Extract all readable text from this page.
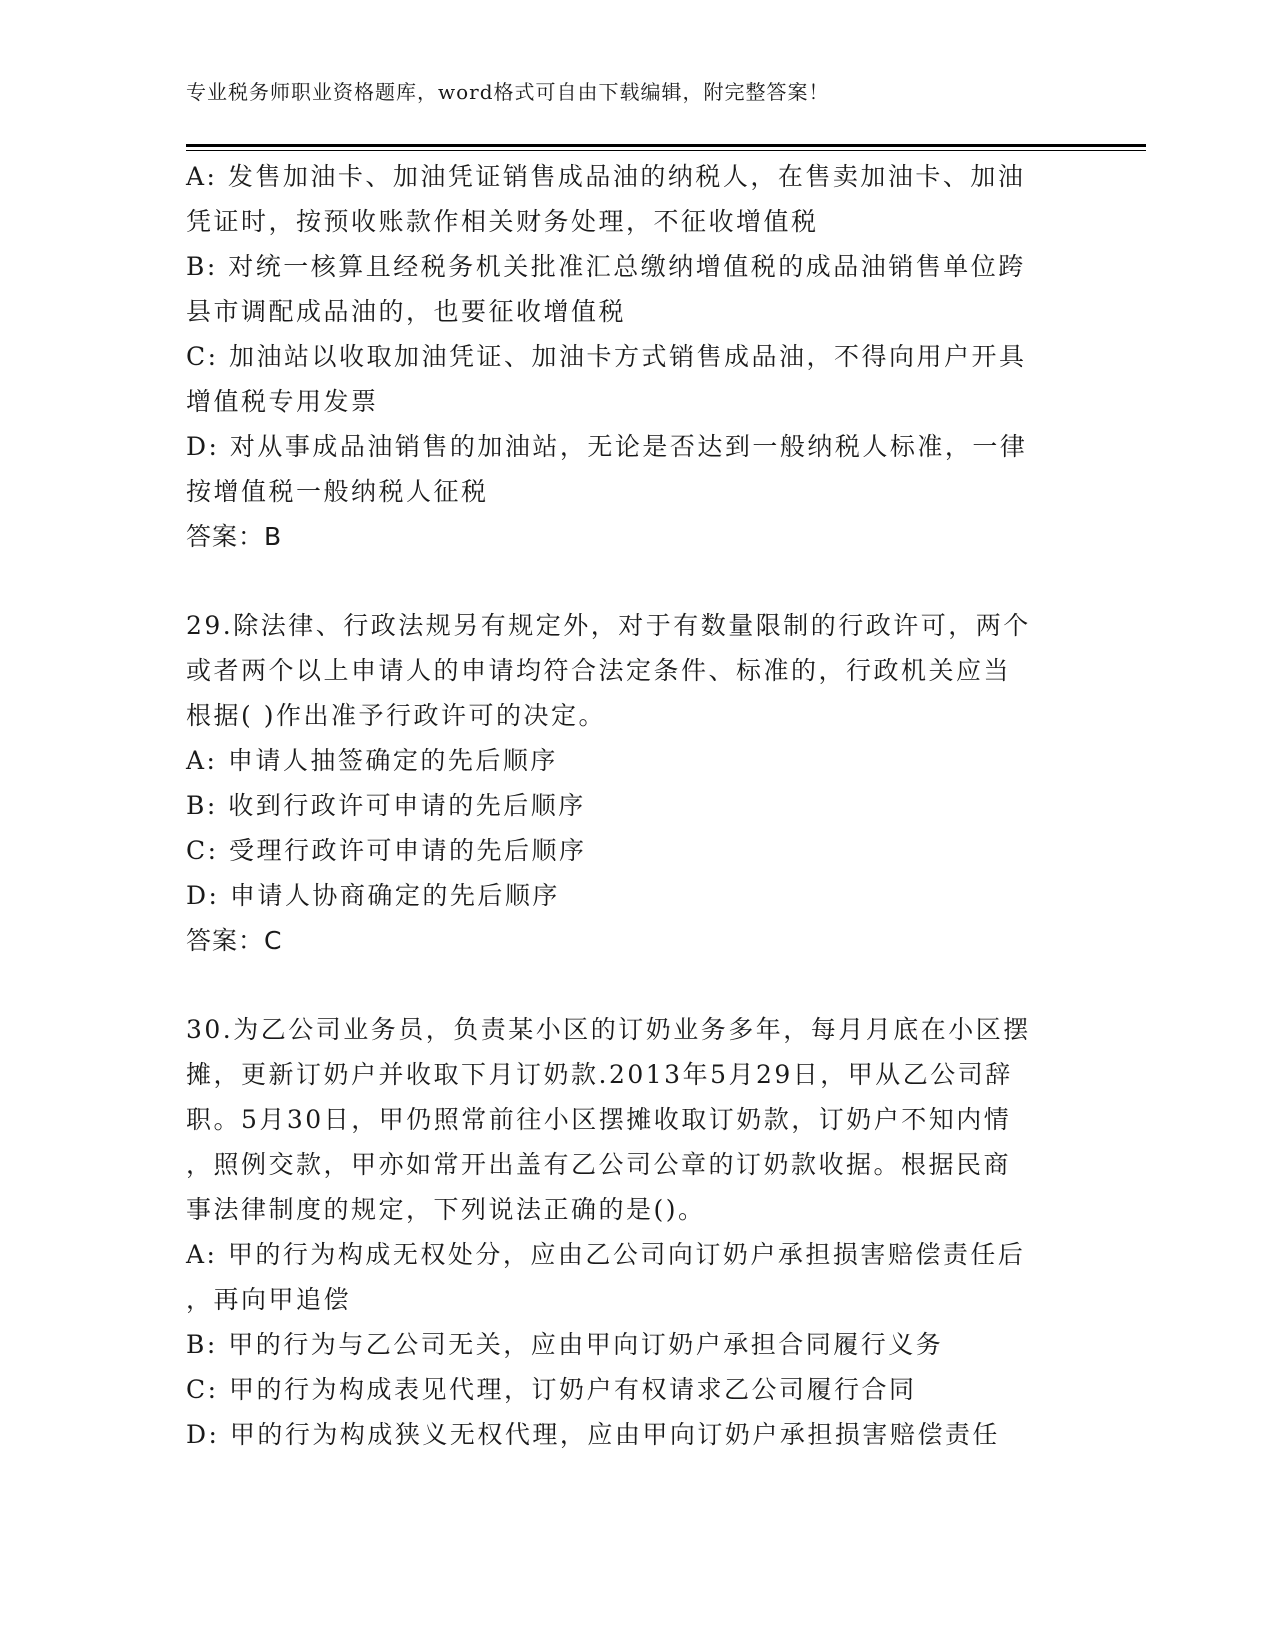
专业税务师职业资格题库，word格式可自由下载编辑，附完整答案！
A: 发售加油卡、加油凭证销售成品油的纳税人，在售卖加油卡、加油
凭证时，按预收账款作相关财务处理，不征收增值税
B: 对统一核算且经税务机关批准汇总缴纳增值税的成品油销售单位跨
县市调配成品油的，也要征收增值税
C: 加油站以收取加油凭证、加油卡方式销售成品油，不得向用户开具
增值税专用发票
D: 对从事成品油销售的加油站，无论是否达到一般纳税人标准，一律
按增值税一般纳税人征税
答案：B
29.除法律、行政法规另有规定外，对于有数量限制的行政许可，两个
或者两个以上申请人的申请均符合法定条件、标准的，行政机关应当
根据( )作出准予行政许可的决定。
A: 申请人抽签确定的先后顺序
B: 收到行政许可申请的先后顺序
C: 受理行政许可申请的先后顺序
D: 申请人协商确定的先后顺序
答案：C
30.为乙公司业务员，负责某小区的订奶业务多年，每月月底在小区摆
摊，更新订奶户并收取下月订奶款.2013年5月29日，甲从乙公司辞
职。5月30日，甲仍照常前往小区摆摊收取订奶款，订奶户不知内情
，照例交款，甲亦如常开出盖有乙公司公章的订奶款收据。根据民商
事法律制度的规定，下列说法正确的是()。
A: 甲的行为构成无权处分，应由乙公司向订奶户承担损害赔偿责任后
，再向甲追偿
B: 甲的行为与乙公司无关，应由甲向订奶户承担合同履行义务
C: 甲的行为构成表见代理，订奶户有权请求乙公司履行合同
D: 甲的行为构成狭义无权代理，应由甲向订奶户承担损害赔偿责任
